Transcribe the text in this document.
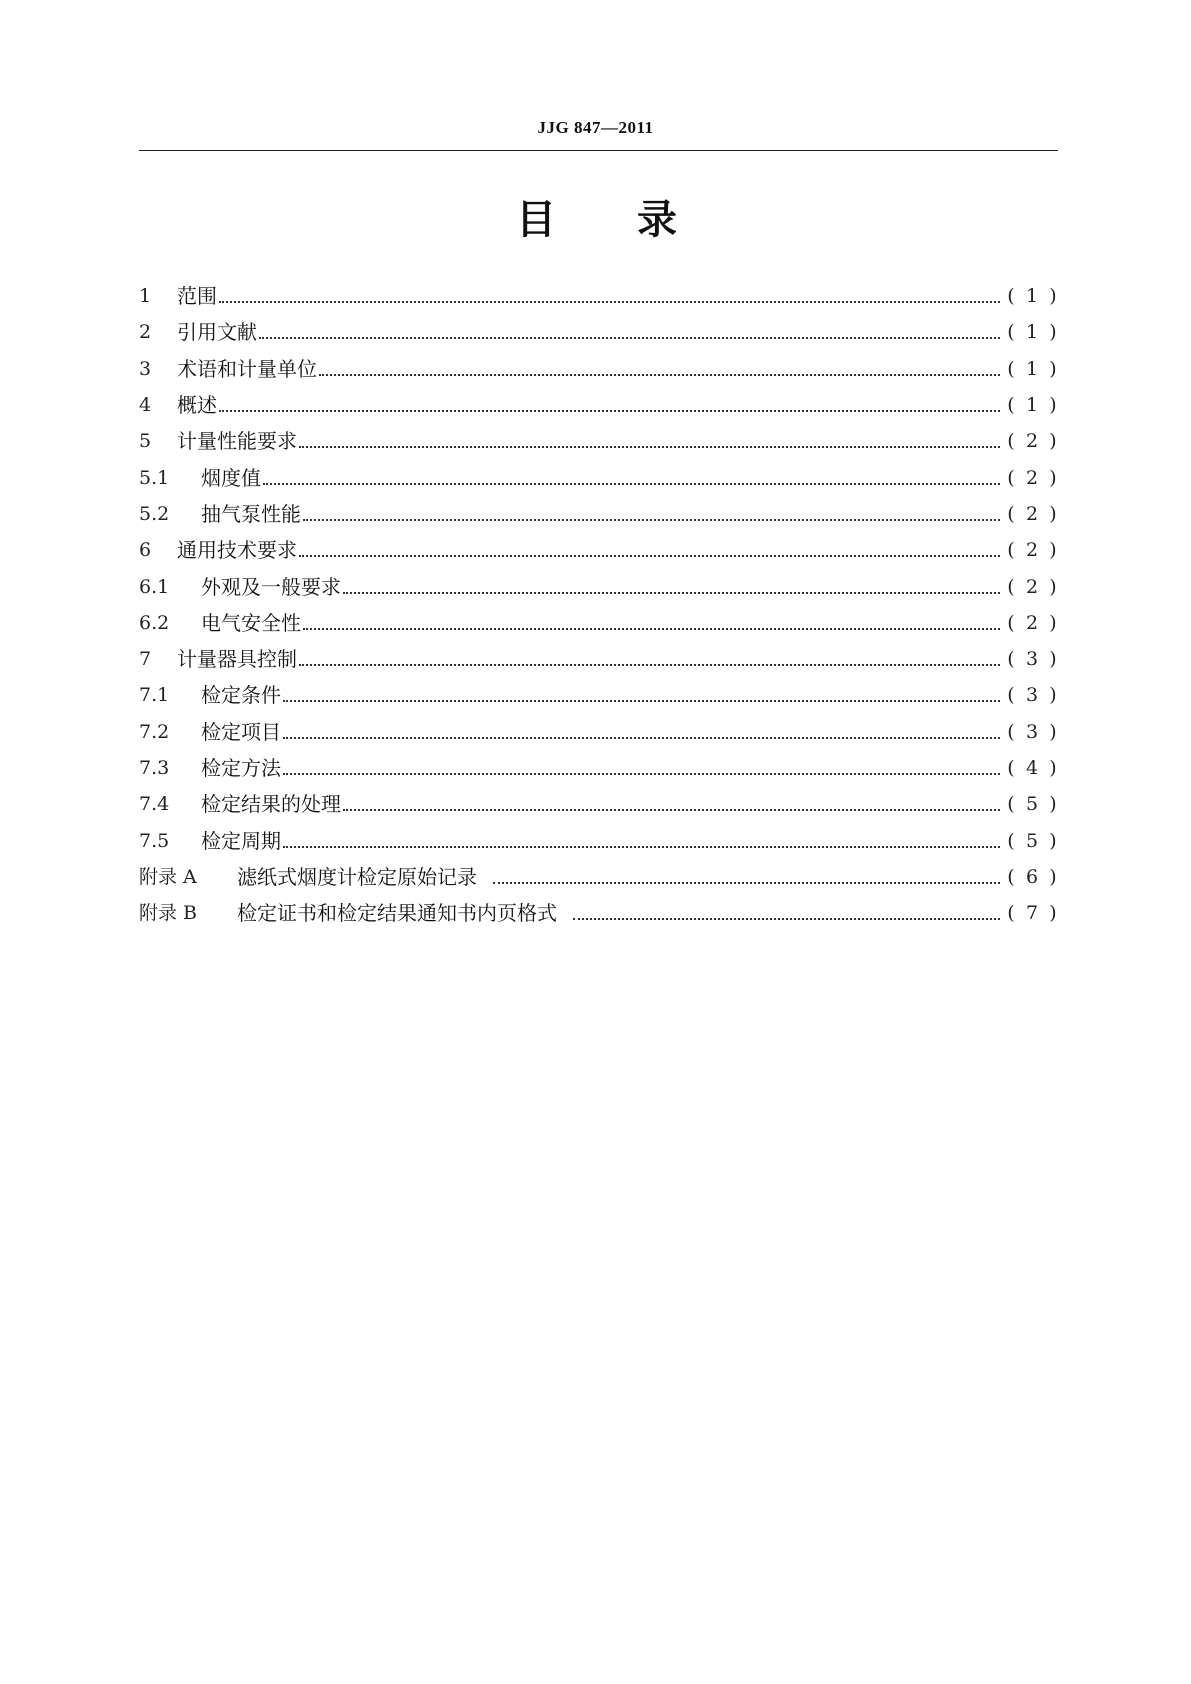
JJG 847—2011
目 录
1	范围	( 1 )
2	引用文献	( 1 )
3	术语和计量单位	( 1 )
4	概述	( 1 )
5	计量性能要求	( 2 )
5.1	烟度值	( 2 )
5.2	抽气泵性能	( 2 )
6	通用技术要求	( 2 )
6.1	外观及一般要求	( 2 )
6.2	电气安全性	( 2 )
7	计量器具控制	( 3 )
7.1	检定条件	( 3 )
7.2	检定项目	( 3 )
7.3	检定方法	( 4 )
7.4	检定结果的处理	( 5 )
7.5	检定周期	( 5 )
附录 A	滤纸式烟度计检定原始记录	( 6 )
附录 B	检定证书和检定结果通知书内页格式	( 7 )
